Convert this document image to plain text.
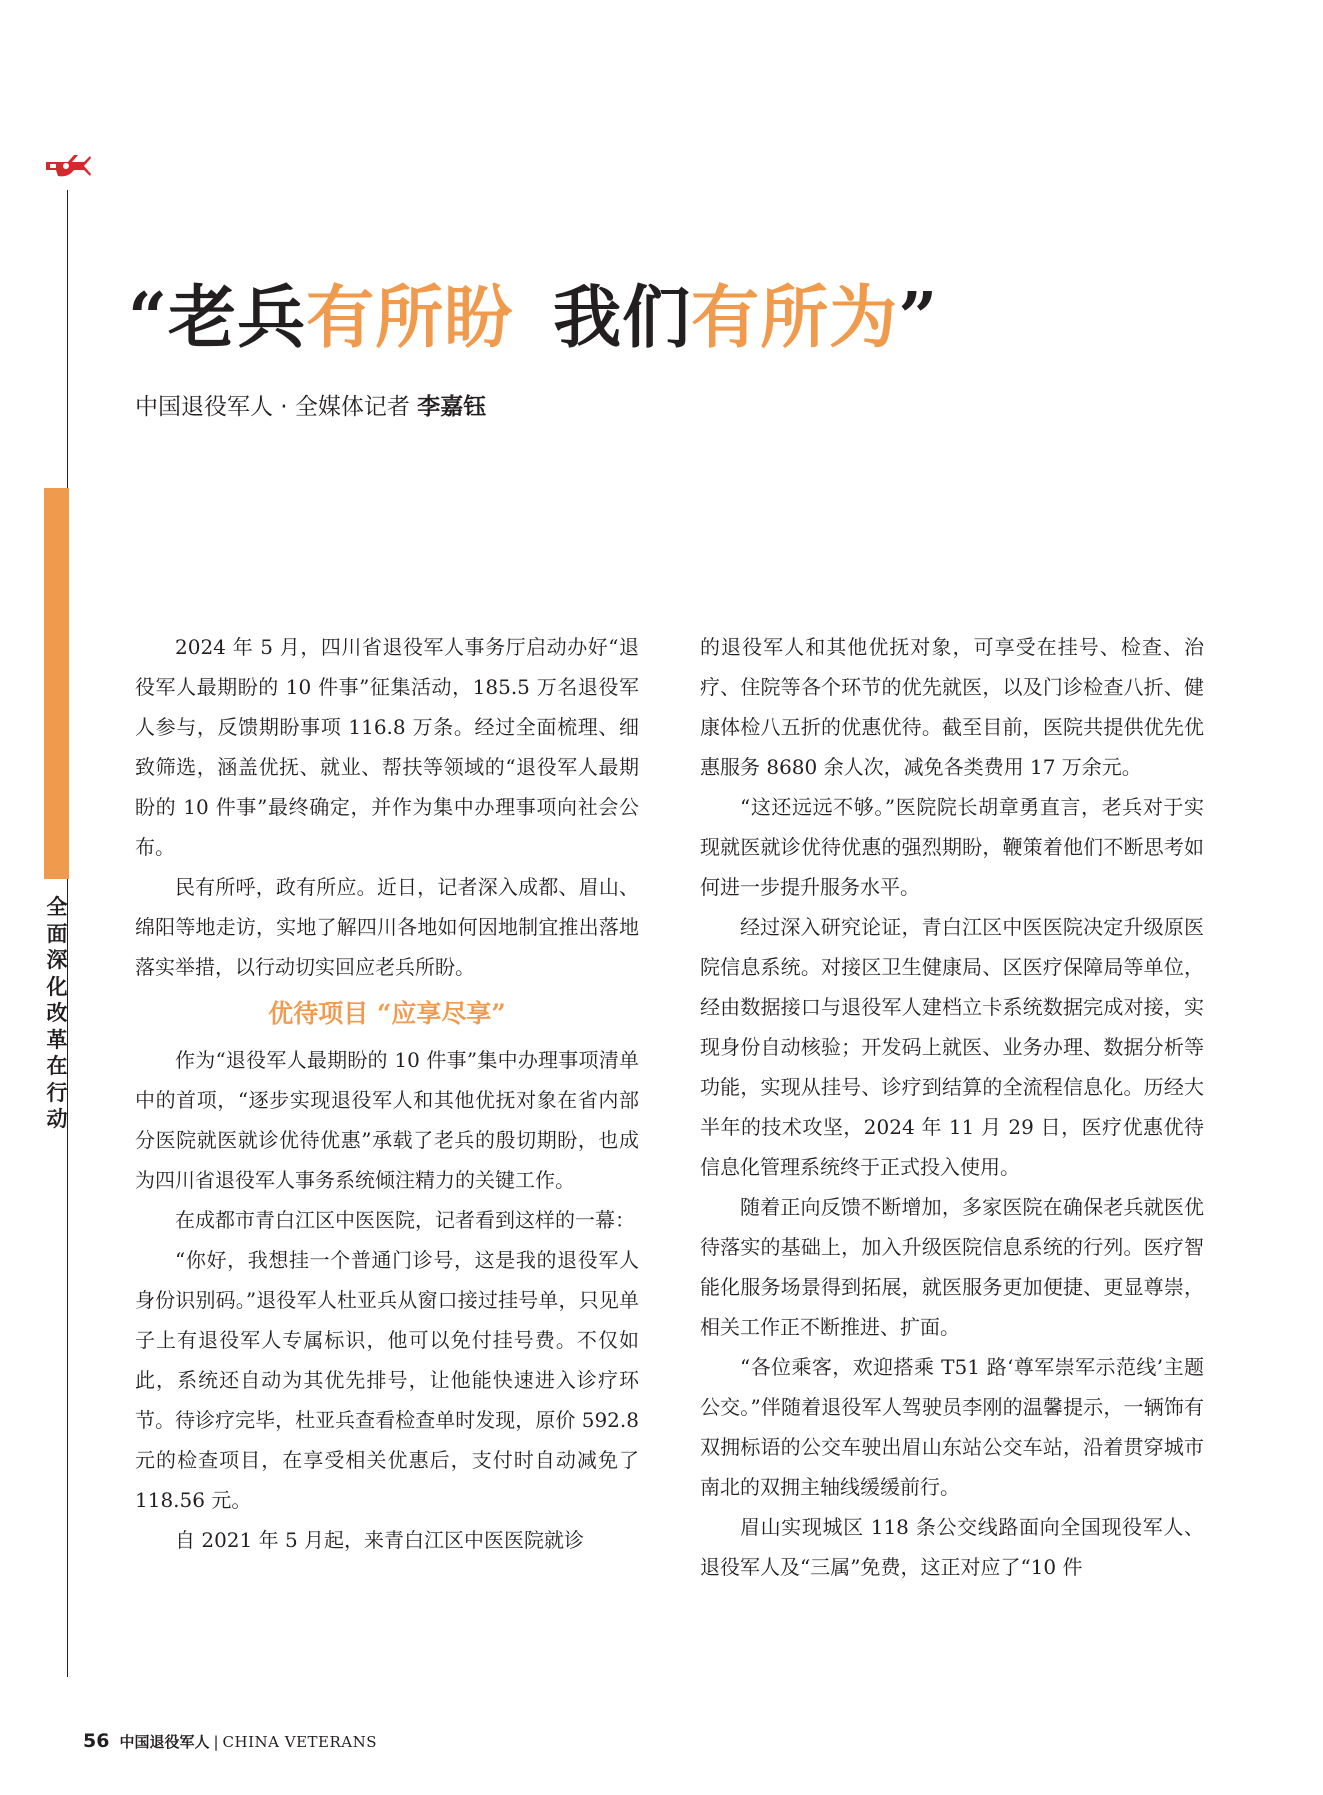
全
面
深
化
改
革
在
行
动
“老兵有所盼 我们有所为”
中国退役军人 · 全媒体记者 李嘉钰

2024 年 5 月，四川省退役军人事务厅启动办好“退役军人最期盼的 10 件事”征集活动，185.5 万名退役军人参与，反馈期盼事项 116.8 万条。经过全面梳理、细致筛选，涵盖优抚、就业、帮扶等领域的“退役军人最期盼的 10 件事”最终确定，并作为集中办理事项向社会公布。

民有所呼，政有所应。近日，记者深入成都、眉山、绵阳等地走访，实地了解四川各地如何因地制宜推出落地落实举措，以行动切实回应老兵所盼。

优待项目 “应享尽享”

作为“退役军人最期盼的 10 件事”集中办理事项清单中的首项，“逐步实现退役军人和其他优抚对象在省内部分医院就医就诊优待优惠”承载了老兵的殷切期盼，也成为四川省退役军人事务系统倾注精力的关键工作。

在成都市青白江区中医医院，记者看到这样的一幕：

“你好，我想挂一个普通门诊号，这是我的退役军人身份识别码。”退役军人杜亚兵从窗口接过挂号单，只见单子上有退役军人专属标识，他可以免付挂号费。不仅如此，系统还自动为其优先排号，让他能快速进入诊疗环节。待诊疗完毕，杜亚兵查看检查单时发现，原价 592.8 元的检查项目，在享受相关优惠后，支付时自动减免了 118.56 元。

自 2021 年 5 月起，来青白江区中医医院就诊

的退役军人和其他优抚对象，可享受在挂号、检查、治疗、住院等各个环节的优先就医，以及门诊检查八折、健康体检八五折的优惠优待。截至目前，医院共提供优先优惠服务 8680 余人次，减免各类费用 17 万余元。

“这还远远不够。”医院院长胡章勇直言，老兵对于实现就医就诊优待优惠的强烈期盼，鞭策着他们不断思考如何进一步提升服务水平。

经过深入研究论证，青白江区中医医院决定升级原医院信息系统。对接区卫生健康局、区医疗保障局等单位，经由数据接口与退役军人建档立卡系统数据完成对接，实现身份自动核验；开发码上就医、业务办理、数据分析等功能，实现从挂号、诊疗到结算的全流程信息化。历经大半年的技术攻坚，2024 年 11 月 29 日，医疗优惠优待信息化管理系统终于正式投入使用。

随着正向反馈不断增加，多家医院在确保老兵就医优待落实的基础上，加入升级医院信息系统的行列。医疗智能化服务场景得到拓展，就医服务更加便捷、更显尊崇，相关工作正不断推进、扩面。

“各位乘客，欢迎搭乘 T51 路‘尊军崇军示范线’主题公交。”伴随着退役军人驾驶员李刚的温馨提示，一辆饰有双拥标语的公交车驶出眉山东站公交车站，沿着贯穿城市南北的双拥主轴线缓缓前行。

眉山实现城区 118 条公交线路面向全国现役军人、退役军人及“三属”免费，这正对应了“10 件

56 中国退役军人 | CHINA VETERANS
